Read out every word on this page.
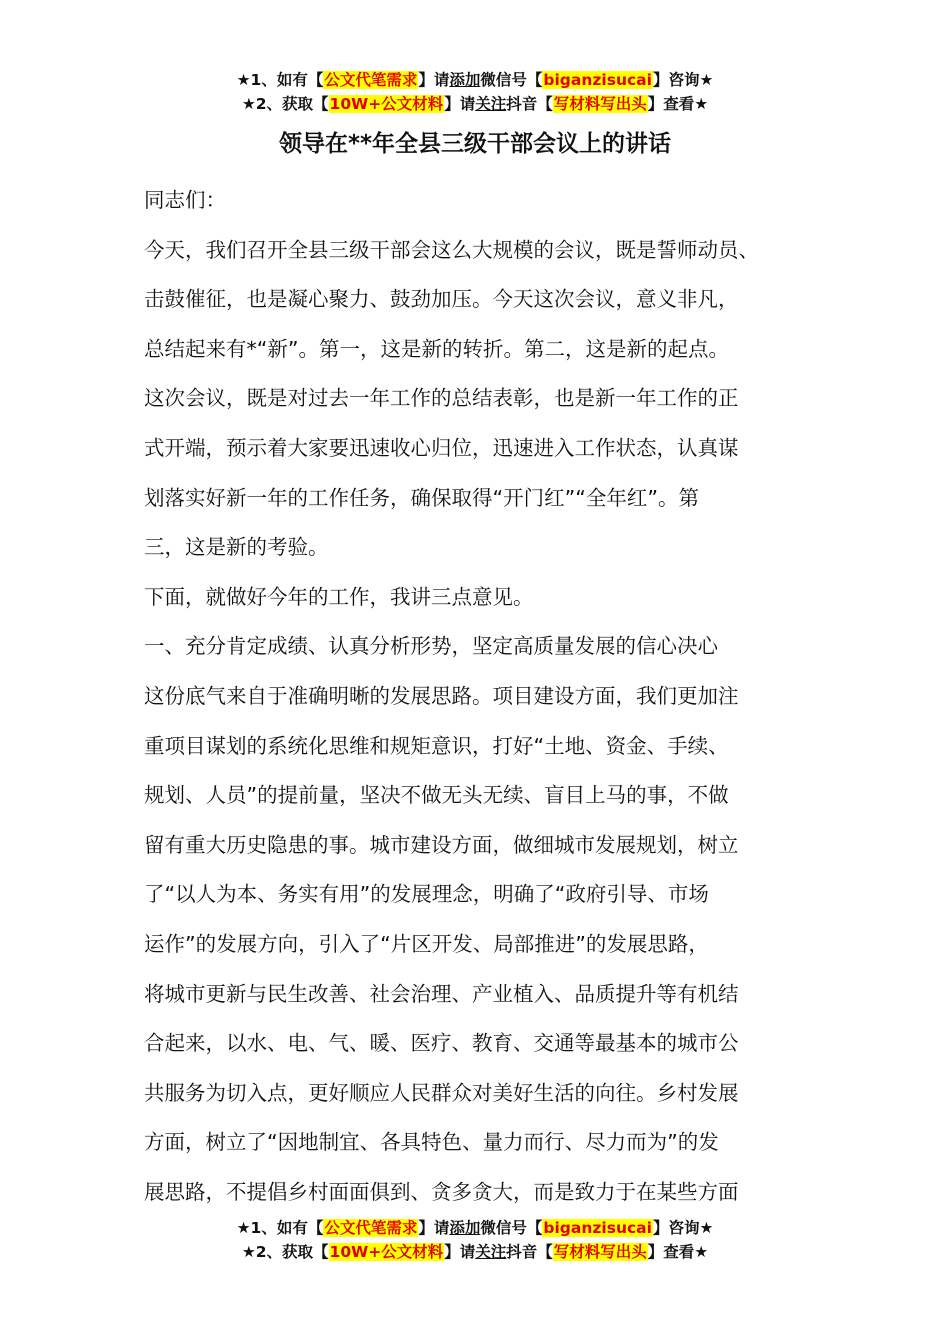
★1、如有【公文代笔需求】请添加微信号【biganzisucai】咨询★
★2、获取【10W+公文材料】请关注抖音【写材料写出头】查看★
领导在**年全县三级干部会议上的讲话

同志们：

今天，我们召开全县三级干部会这么大规模的会议，既是誓师动员、

击鼓催征，也是凝心聚力、鼓劲加压。今天这次会议，意义非凡，

总结起来有*“新”。第一，这是新的转折。第二，这是新的起点。

这次会议，既是对过去一年工作的总结表彰，也是新一年工作的正

式开端，预示着大家要迅速收心归位，迅速进入工作状态，认真谋

划落实好新一年的工作任务，确保取得“开门红”“全年红”。第

三，这是新的考验。

下面，就做好今年的工作，我讲三点意见。

一、充分肯定成绩、认真分析形势，坚定高质量发展的信心决心

这份底气来自于准确明晰的发展思路。项目建设方面，我们更加注

重项目谋划的系统化思维和规矩意识，打好“土地、资金、手续、

规划、人员”的提前量，坚决不做无头无续、盲目上马的事，不做

留有重大历史隐患的事。城市建设方面，做细城市发展规划，树立

了“以人为本、务实有用”的发展理念，明确了“政府引导、市场

运作”的发展方向，引入了“片区开发、局部推进”的发展思路，

将城市更新与民生改善、社会治理、产业植入、品质提升等有机结

合起来，以水、电、气、暖、医疗、教育、交通等最基本的城市公

共服务为切入点，更好顺应人民群众对美好生活的向往。乡村发展

方面，树立了“因地制宜、各具特色、量力而行、尽力而为”的发

展思路，不提倡乡村面面俱到、贪多贪大，而是致力于在某些方面

★1、如有【公文代笔需求】请添加微信号【biganzisucai】咨询★
★2、获取【10W+公文材料】请关注抖音【写材料写出头】查看★
